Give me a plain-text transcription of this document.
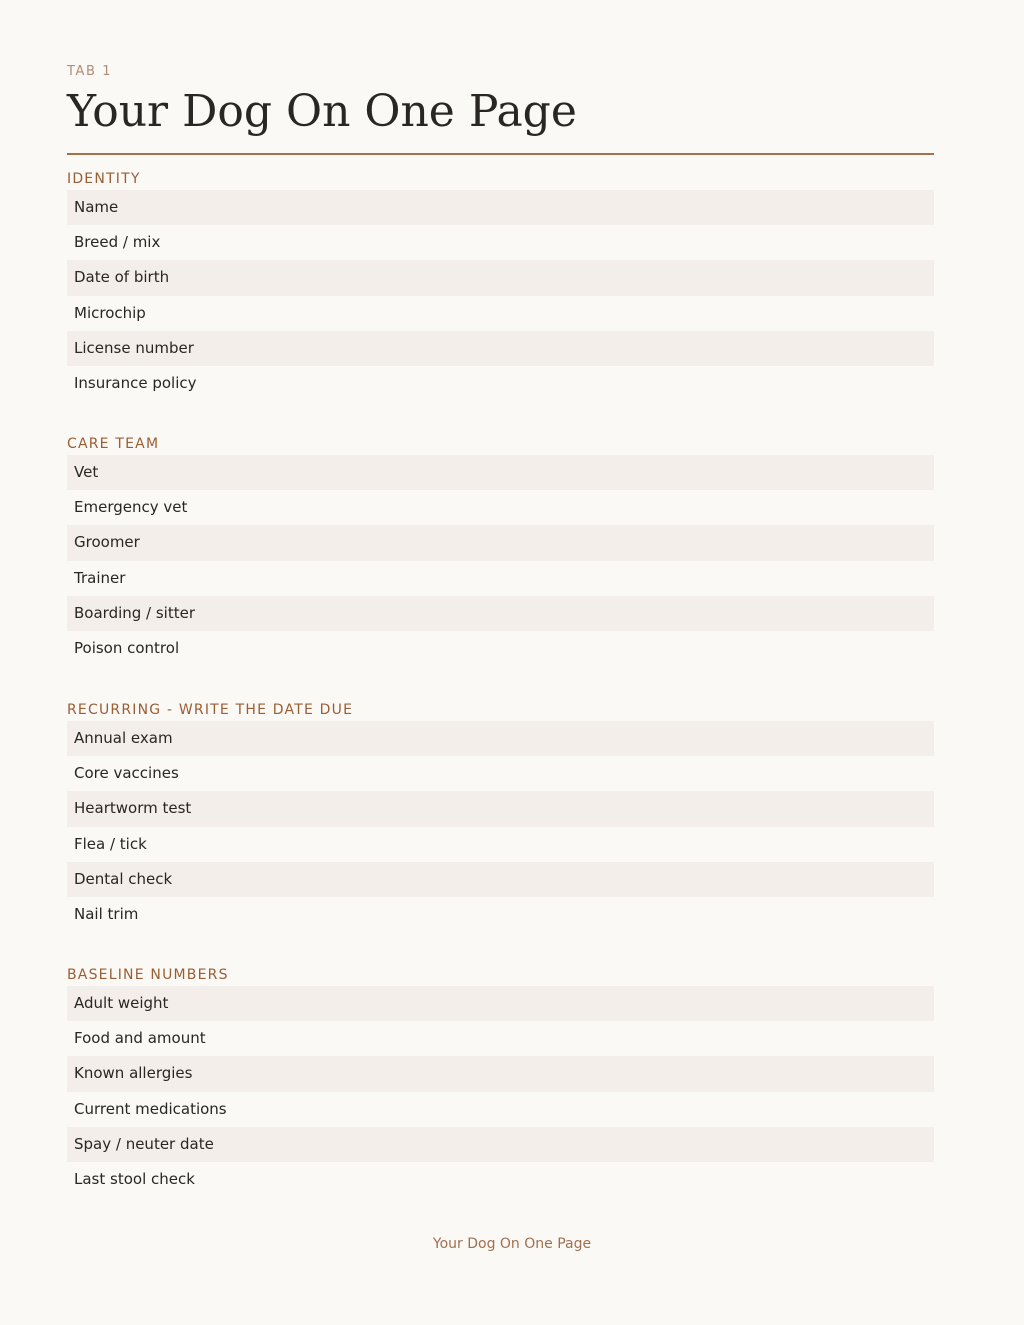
TAB 1
Your Dog On One Page
IDENTITY
Name
Breed / mix
Date of birth
Microchip
License number
Insurance policy
CARE TEAM
Vet
Emergency vet
Groomer
Trainer
Boarding / sitter
Poison control
RECURRING - WRITE THE DATE DUE
Annual exam
Core vaccines
Heartworm test
Flea / tick
Dental check
Nail trim
BASELINE NUMBERS
Adult weight
Food and amount
Known allergies
Current medications
Spay / neuter date
Last stool check
Your Dog On One Page
